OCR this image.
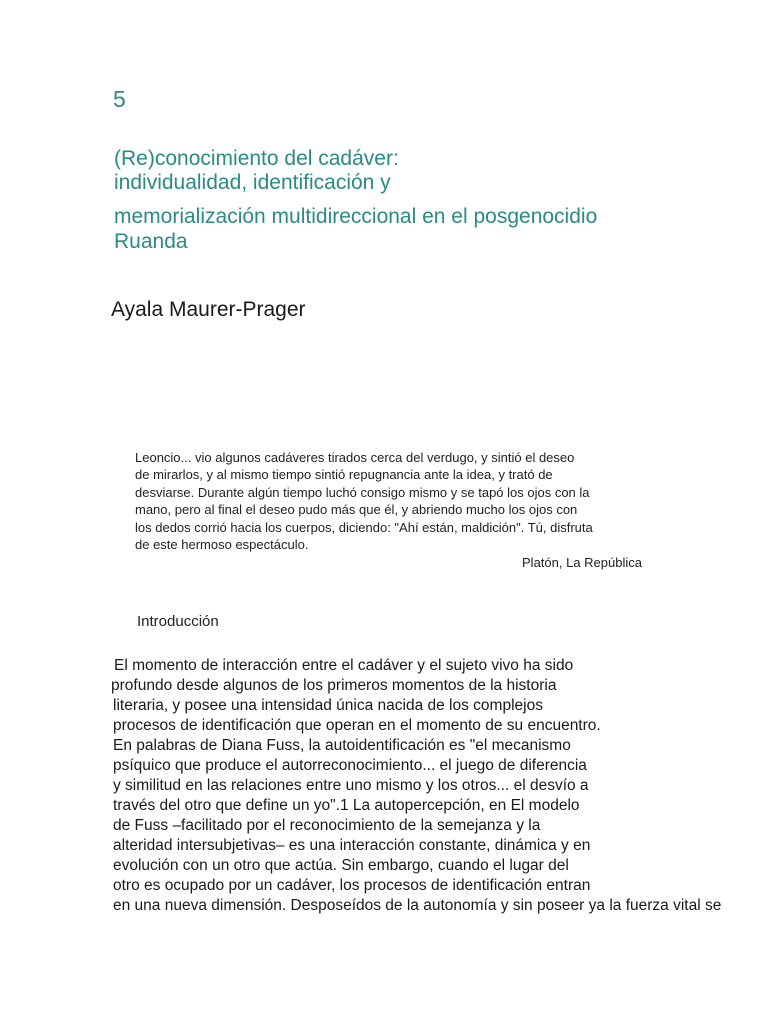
5
(Re)conocimiento del cadáver:
individualidad, identificación y
memorialización multidireccional en el posgenocidio
Ruanda
Ayala Maurer-Prager
Leoncio... vio algunos cadáveres tirados cerca del verdugo, y sintió el deseo
de mirarlos, y al mismo tiempo sintió repugnancia ante la idea, y trató de
desviarse. Durante algún tiempo luchó consigo mismo y se tapó los ojos con la
mano, pero al final el deseo pudo más que él, y abriendo mucho los ojos con
los dedos corrió hacia los cuerpos, diciendo: "Ahí están, maldición". Tú, disfruta
de este hermoso espectáculo.
Platón, La República
Introducción
El momento de interacción entre el cadáver y el sujeto vivo ha sido
profundo desde algunos de los primeros momentos de la historia
literaria, y posee una intensidad única nacida de los complejos
procesos de identificación que operan en el momento de su encuentro.
En palabras de Diana Fuss, la autoidentificación es "el mecanismo
psíquico que produce el autorreconocimiento... el juego de diferencia
y similitud en las relaciones entre uno mismo y los otros... el desvío a
través del otro que define un yo".1 La autopercepción, en El modelo
de Fuss –facilitado por el reconocimiento de la semejanza y la
alteridad intersubjetivas– es una interacción constante, dinámica y en
evolución con un otro que actúa. Sin embargo, cuando el lugar del
otro es ocupado por un cadáver, los procesos de identificación entran
en una nueva dimensión. Desposeídos de la autonomía y sin poseer ya la fuerza vital se
